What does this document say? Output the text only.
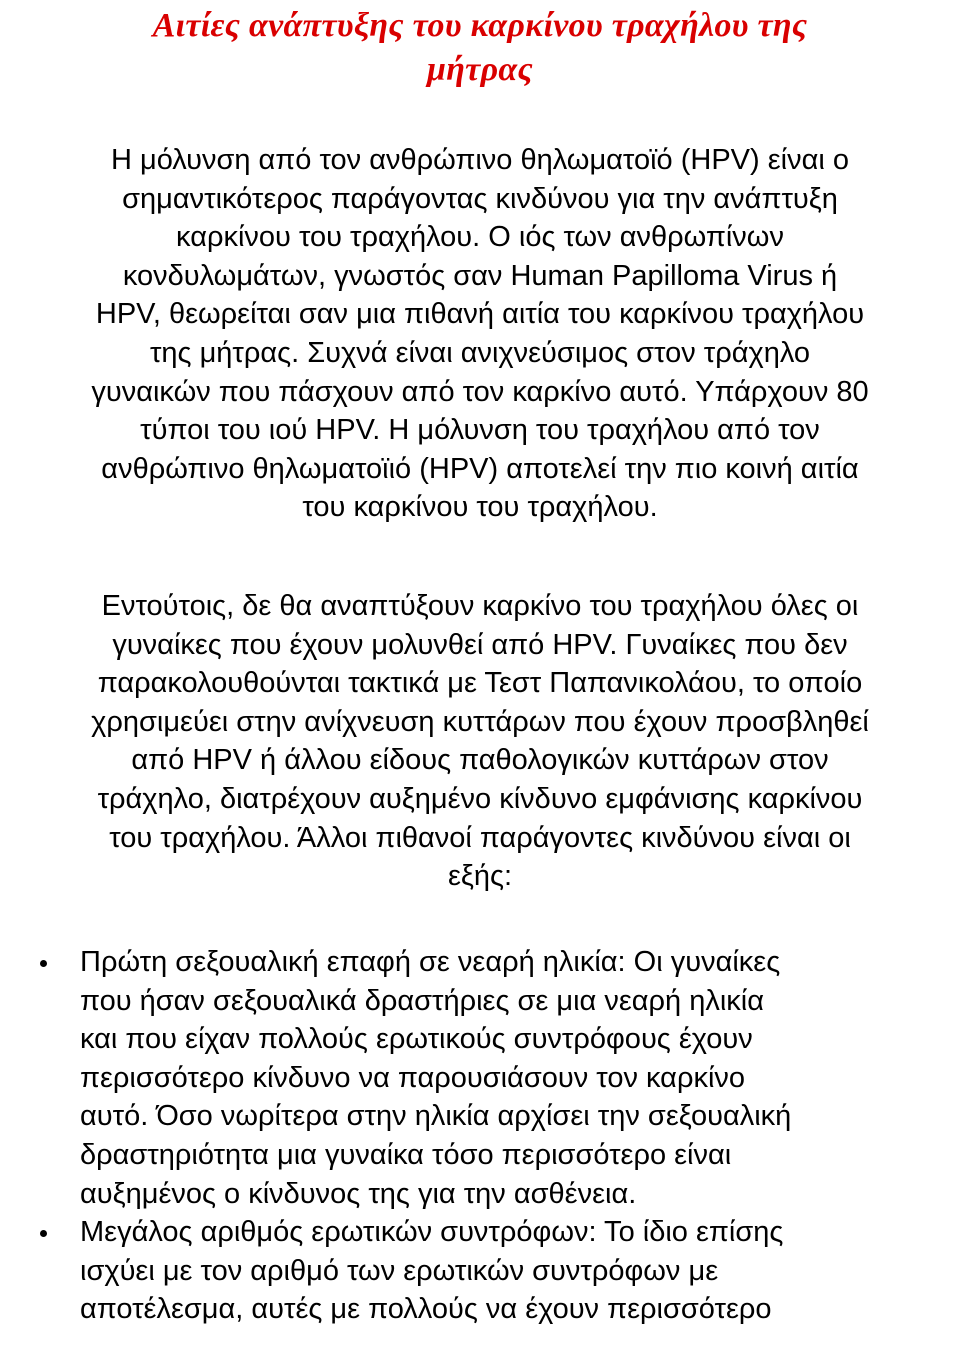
Αιτίες ανάπτυξης του καρκίνου τραχήλου της
μήτρας

Η μόλυνση από τον ανθρώπινο θηλωματοϊό (HPV) είναι ο
σημαντικότερος παράγοντας κινδύνου για την ανάπτυξη
καρκίνου του τραχήλου. Ο ιός των ανθρωπίνων
κονδυλωμάτων, γνωστός σαν Human Papilloma Virus ή
HPV, θεωρείται σαν μια πιθανή αιτία του καρκίνου τραχήλου
της μήτρας. Συχνά είναι ανιχνεύσιμος στον τράχηλο
γυναικών που πάσχουν από τον καρκίνο αυτό. Υπάρχουν 80
τύποι του ιού HPV. Η μόλυνση του τραχήλου από τον
ανθρώπινο θηλωματοϊιό (HPV) αποτελεί την πιο κοινή αιτία
του καρκίνου του τραχήλου.

Εντούτοις, δε θα αναπτύξουν καρκίνο του τραχήλου όλες οι
γυναίκες που έχουν μολυνθεί από HPV. Γυναίκες που δεν
παρακολουθούνται τακτικά με Τεστ Παπανικολάου, το οποίο
χρησιμεύει στην ανίχνευση κυττάρων που έχουν προσβληθεί
από HPV ή άλλου είδους παθολογικών κυττάρων στον
τράχηλο, διατρέχουν αυξημένο κίνδυνο εμφάνισης καρκίνου
του τραχήλου. Άλλοι πιθανοί παράγοντες κινδύνου είναι οι
εξής:

Πρώτη σεξουαλική επαφή σε νεαρή ηλικία: Οι γυναίκες
που ήσαν σεξουαλικά δραστήριες σε μια νεαρή ηλικία
και που είχαν πολλούς ερωτικούς συντρόφους έχουν
περισσότερο κίνδυνο να παρουσιάσουν τον καρκίνο
αυτό. Όσο νωρίτερα στην ηλικία αρχίσει την σεξουαλική
δραστηριότητα μια γυναίκα τόσο περισσότερο είναι
αυξημένος ο κίνδυνος της για την ασθένεια.
Μεγάλος αριθμός ερωτικών συντρόφων: Το ίδιο επίσης
ισχύει με τον αριθμό των ερωτικών συντρόφων με
αποτέλεσμα, αυτές με πολλούς να έχουν περισσότερο
